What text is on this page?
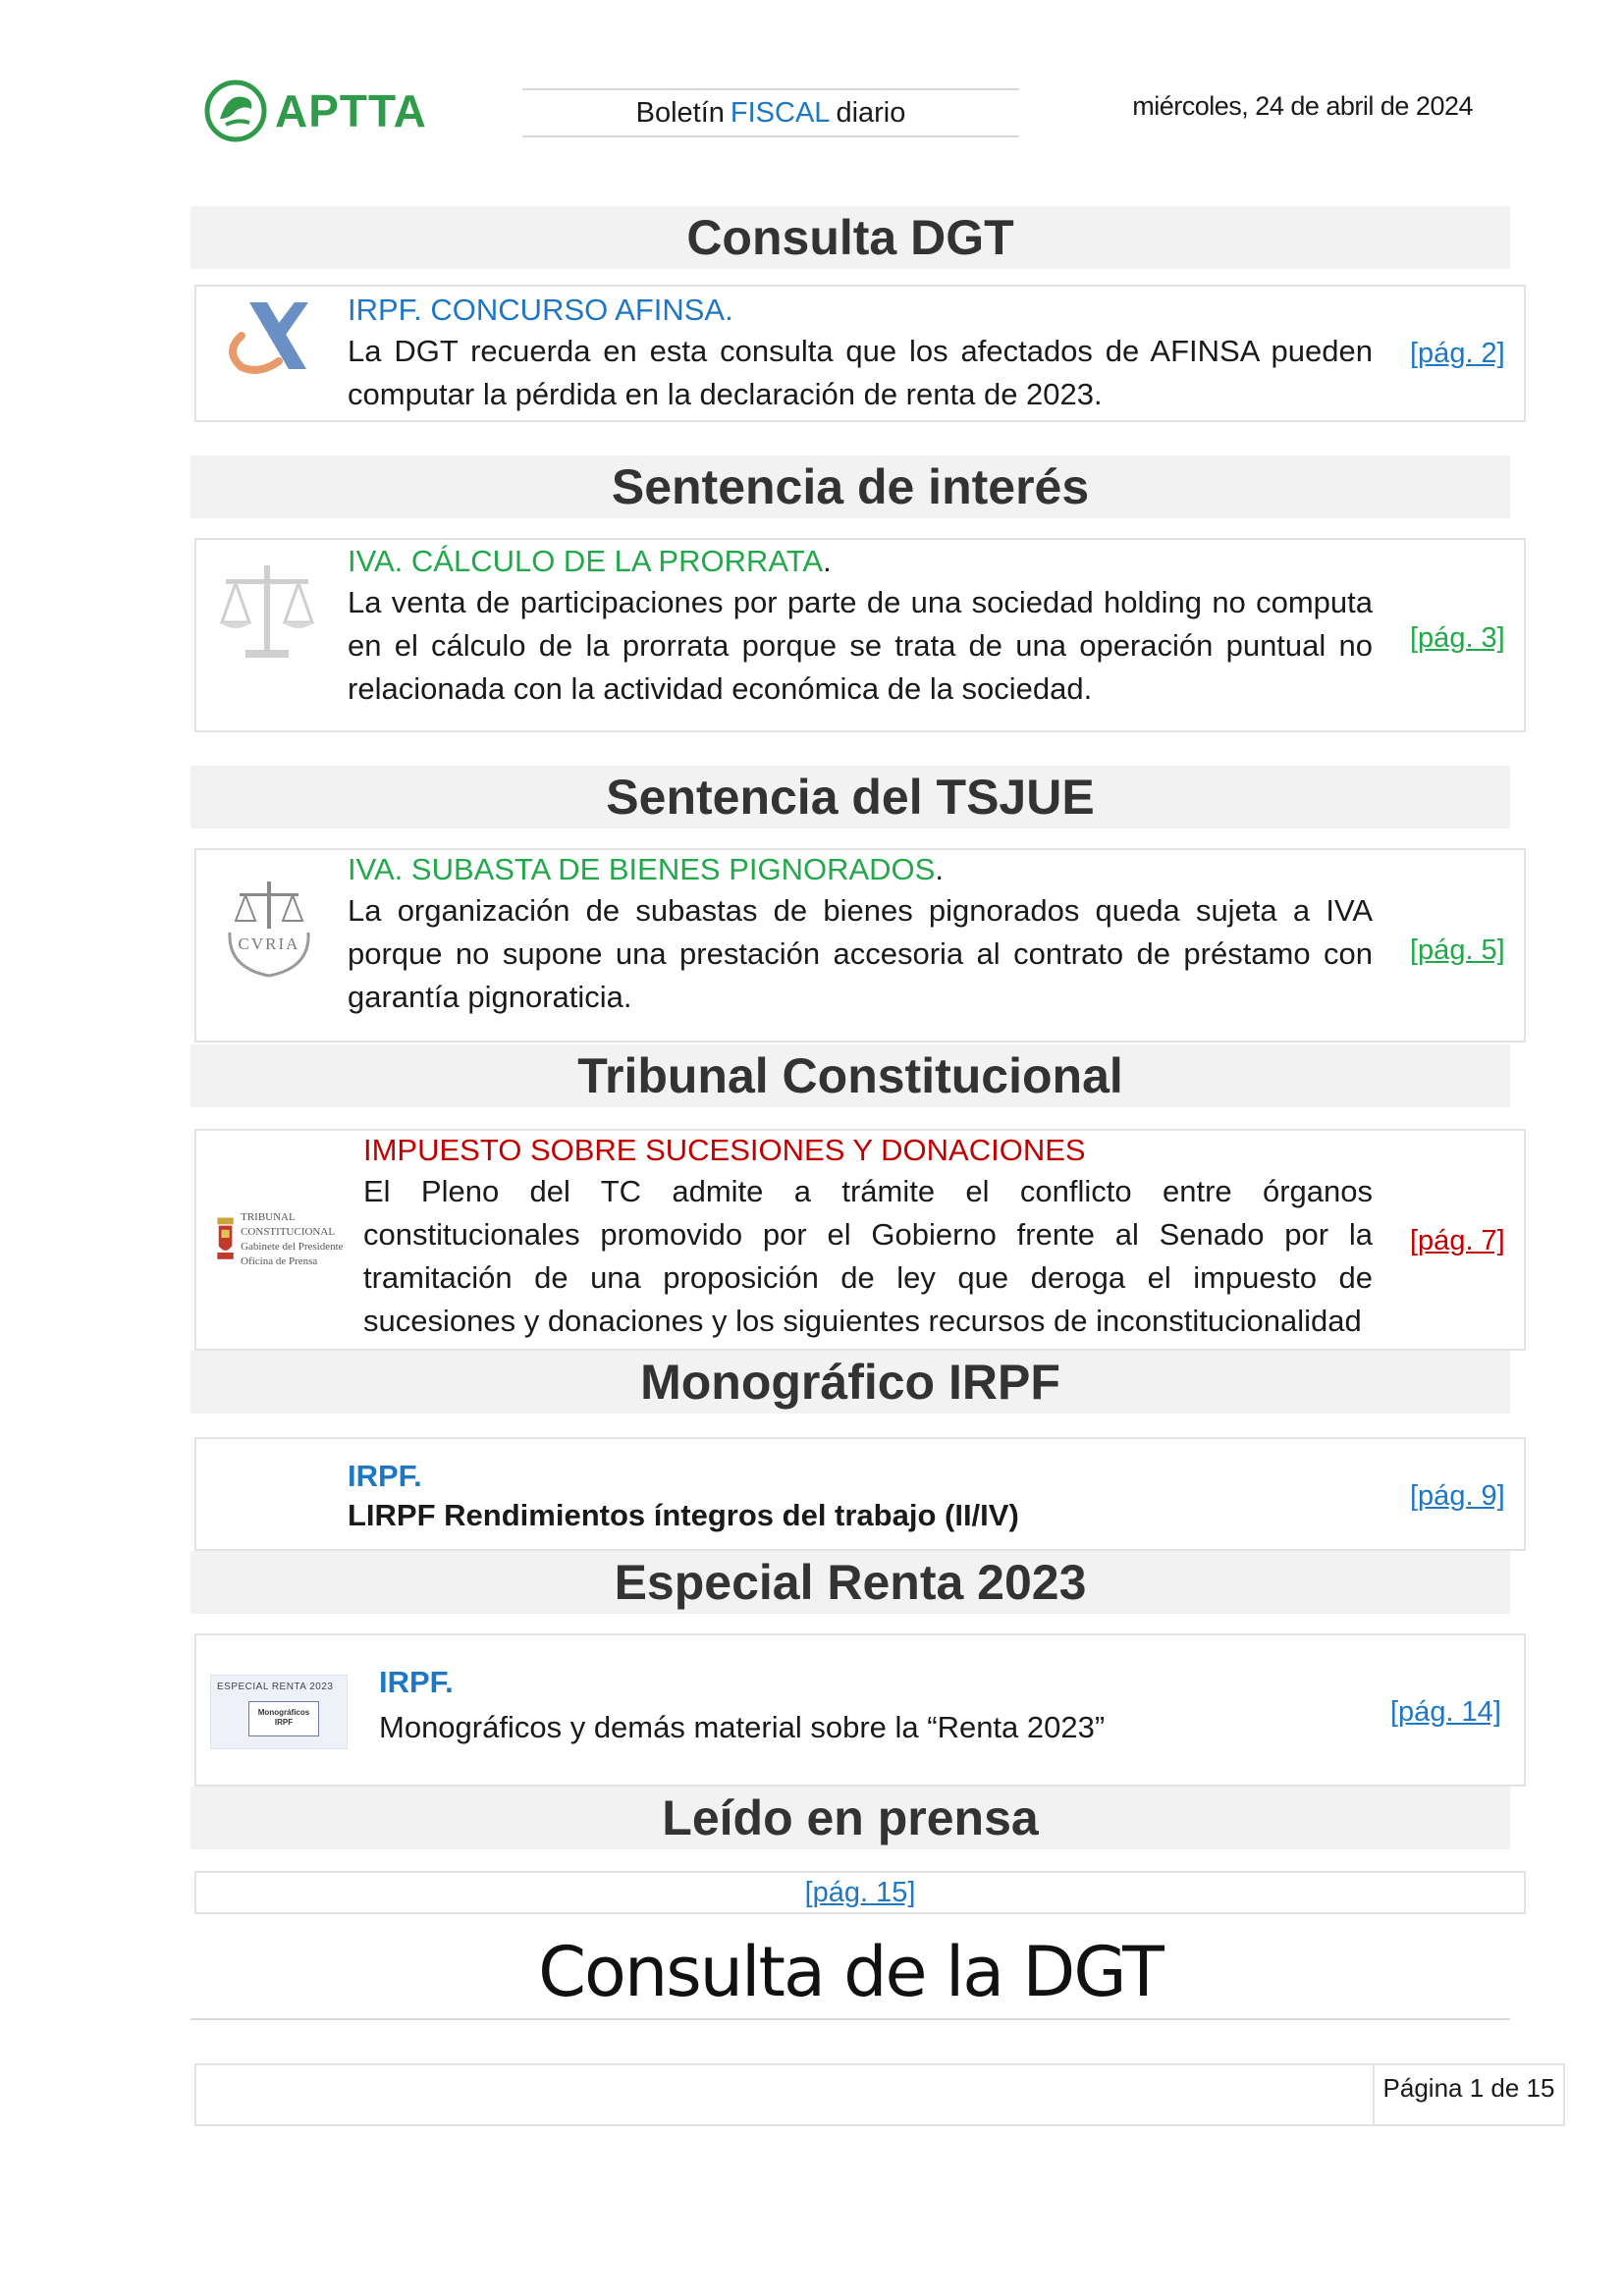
APTTA	Boletín FISCAL diario	miércoles, 24 de abril de 2024
Consulta DGT
IRPF. CONCURSO AFINSA.
La DGT recuerda en esta consulta que los afectados de AFINSA pueden computar la pérdida en la declaración de renta de 2023.
[pág. 2]
Sentencia de interés
IVA. CÁLCULO DE LA PRORRATA.
La venta de participaciones por parte de una sociedad holding no computa en el cálculo de la prorrata porque se trata de una operación puntual no relacionada con la actividad económica de la sociedad.
[pág. 3]
Sentencia del TSJUE
CVRIA
IVA. SUBASTA DE BIENES PIGNORADOS.
La organización de subastas de bienes pignorados queda sujeta a IVA porque no supone una prestación accesoria al contrato de préstamo con garantía pignoraticia.
[pág. 5]
Tribunal Constitucional
TRIBUNAL CONSTITUCIONAL
Gabinete del Presidente
Oficina de Prensa
IMPUESTO SOBRE SUCESIONES Y DONACIONES
El Pleno del TC admite a trámite el conflicto entre órganos constitucionales promovido por el Gobierno frente al Senado por la tramitación de una proposición de ley que deroga el impuesto de sucesiones y donaciones y los siguientes recursos de inconstitucionalidad
[pág. 7]
Monográfico IRPF
IRPF.
LIRPF Rendimientos íntegros del trabajo (II/IV)
[pág. 9]
Especial Renta 2023
ESPECIAL RENTA 2023
Monográficos IRPF
IRPF.
Monográficos y demás material sobre la “Renta 2023”	[pág. 14]
Leído en prensa
[pág. 15]
Consulta de la DGT
Página 1 de 15
